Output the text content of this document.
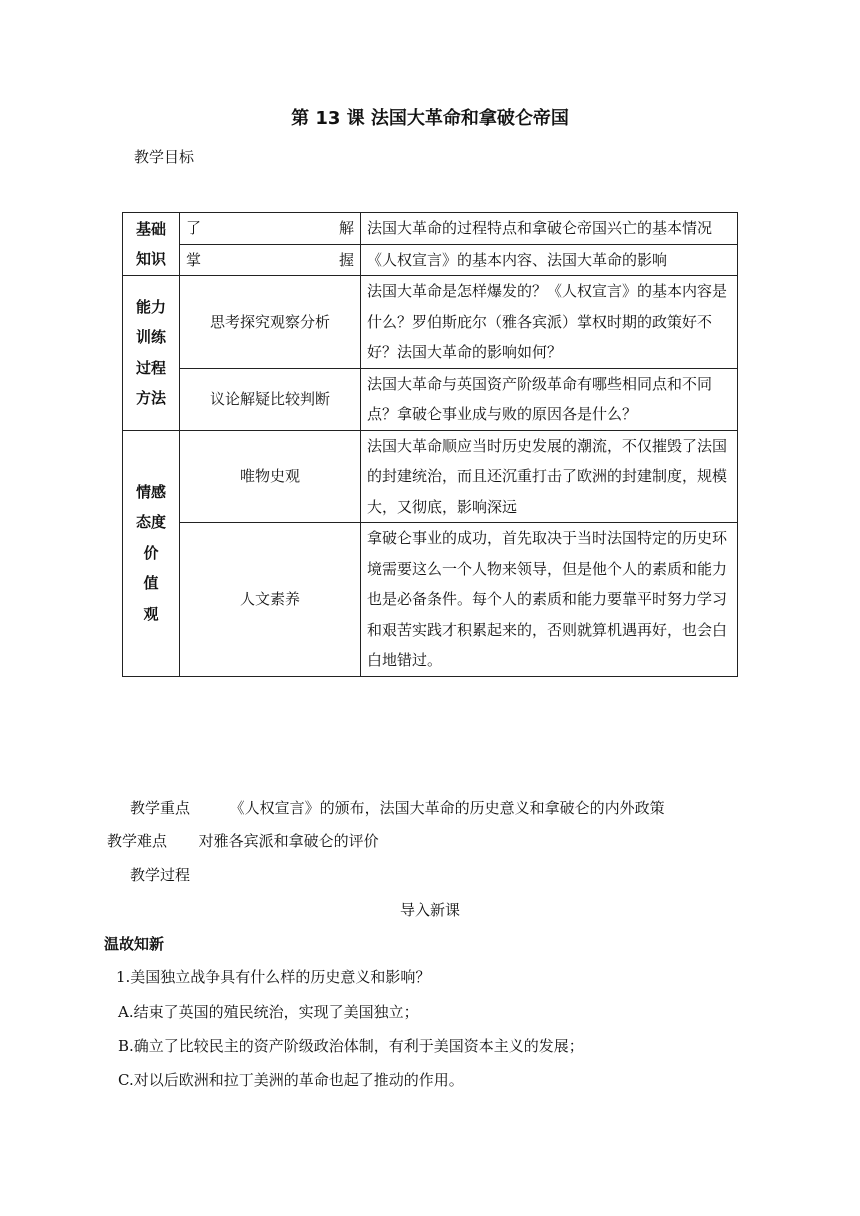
第 13 课 法国大革命和拿破仑帝国
教学目标
基础
知识	了解	法国大革命的过程特点和拿破仑帝国兴亡的基本情况
	掌握	《人权宣言》的基本内容、法国大革命的影响

能力
训练
过程
方法	思考探究观察分析	法国大革命是怎样爆发的？《人权宣言》的基本内容是什么？罗伯斯庇尔（雅各宾派）掌权时期的政策好不好？法国大革命的影响如何？
	议论解疑比较判断	法国大革命与英国资产阶级革命有哪些相同点和不同点？拿破仑事业成与败的原因各是什么？

情感
态度
价
值
观	唯物史观	法国大革命顺应当时历史发展的潮流，不仅摧毁了法国的封建统治，而且还沉重打击了欧洲的封建制度，规模大，又彻底，影响深远
	人文素养	拿破仑事业的成功，首先取决于当时法国特定的历史环境需要这么一个人物来领导，但是他个人的素质和能力也是必备条件。每个人的素质和能力要靠平时努力学习和艰苦实践才积累起来的，否则就算机遇再好，也会白白地错过。
教学重点	《人权宣言》的颁布，法国大革命的历史意义和拿破仑的内外政策
教学难点 对雅各宾派和拿破仑的评价
教学过程
导入新课
温故知新
1.美国独立战争具有什么样的历史意义和影响？
A.结束了英国的殖民统治，实现了美国独立；
B.确立了比较民主的资产阶级政治体制，有利于美国资本主义的发展；
C.对以后欧洲和拉丁美洲的革命也起了推动的作用。
